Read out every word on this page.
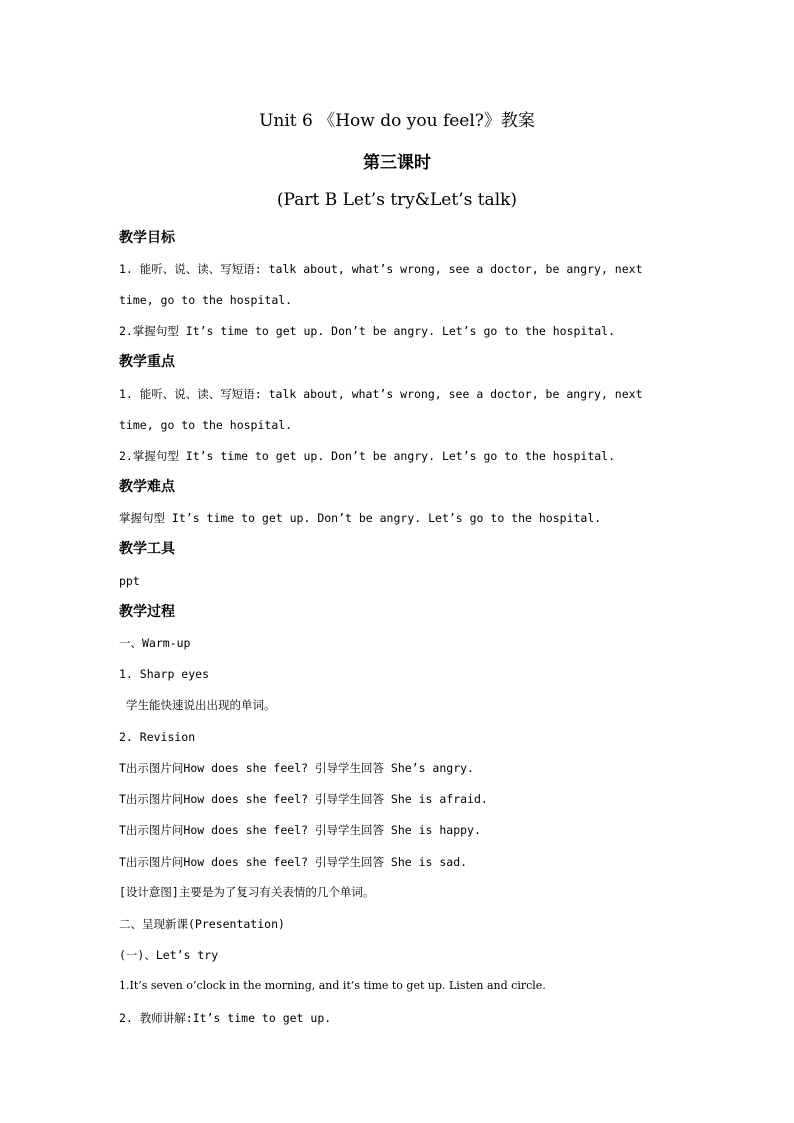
Unit 6 《How do you feel?》教案
第三课时
(Part B Let’s try&Let’s talk)
教学目标
1. 能听、说、读、写短语: talk about, what’s wrong, see a doctor, be angry, next
time, go to the hospital.
2.掌握句型 It’s time to get up. Don’t be angry. Let’s go to the hospital.
教学重点
1. 能听、说、读、写短语: talk about, what’s wrong, see a doctor, be angry, next
time, go to the hospital.
2.掌握句型 It’s time to get up. Don’t be angry. Let’s go to the hospital.
教学难点
掌握句型 It’s time to get up. Don’t be angry. Let’s go to the hospital.
教学工具
ppt
教学过程
一、Warm-up
1. Sharp eyes
学生能快速说出出现的单词。
2. Revision
T出示图片问How does she feel? 引导学生回答 She’s angry.
T出示图片问How does she feel? 引导学生回答 She is afraid.
T出示图片问How does she feel? 引导学生回答 She is happy.
T出示图片问How does she feel? 引导学生回答 She is sad.
[设计意图]主要是为了复习有关表情的几个单词。
二、呈现新课(Presentation)
(一)、Let’s try
1.It’s seven o’clock in the morning, and it’s time to get up. Listen and circle.
2. 教师讲解:It’s time to get up.
